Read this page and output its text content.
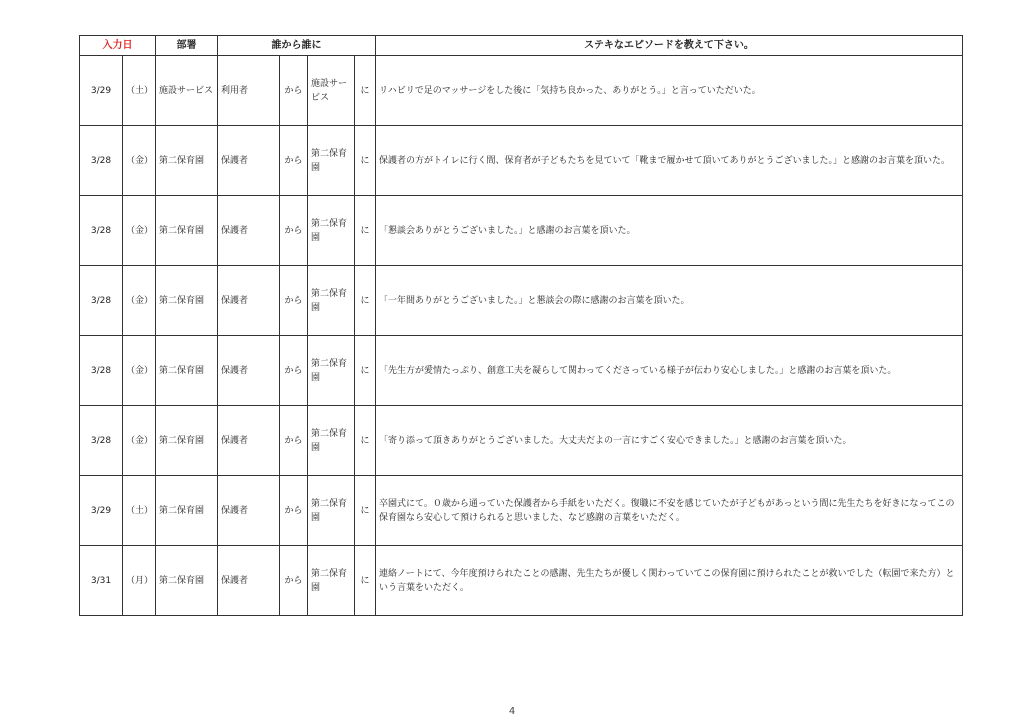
入力日		部署	誰から誰に				ステキなエピソードを教えて下さい。
3/29	（土）	施設サービス	利用者	から	施設サービス	に	リハビリで足のマッサージをした後に「気持ち良かった、ありがとう。」と言っていただいた。
3/28	（金）	第二保育園	保護者	から	第二保育園	に	保護者の方がトイレに行く間、保育者が子どもたちを見ていて「靴まで履かせて頂いてありがとうございました。」と感謝のお言葉を頂いた。
3/28	（金）	第二保育園	保護者	から	第二保育園	に	「懇談会ありがとうございました。」と感謝のお言葉を頂いた。
3/28	（金）	第二保育園	保護者	から	第二保育園	に	「一年間ありがとうございました。」と懇談会の際に感謝のお言葉を頂いた。
3/28	（金）	第二保育園	保護者	から	第二保育園	に	「先生方が愛情たっぷり、創意工夫を凝らして関わってくださっている様子が伝わり安心しました。」と感謝のお言葉を頂いた。
3/28	（金）	第二保育園	保護者	から	第二保育園	に	「寄り添って頂きありがとうございました。大丈夫だよの一言にすごく安心できました。」と感謝のお言葉を頂いた。
3/29	（土）	第二保育園	保護者	から	第二保育園	に	卒園式にて。０歳から通っていた保護者から手紙をいただく。復職に不安を感じていたが子どもがあっという間に先生たちを好きになってこの保育園なら安心して預けられると思いました、など感謝の言葉をいただく。
3/31	（月）	第二保育園	保護者	から	第二保育園	に	連絡ノートにて、今年度預けられたことの感謝、先生たちが優しく関わっていてこの保育園に預けられたことが救いでした（転園で来た方）という言葉をいただく。
4
